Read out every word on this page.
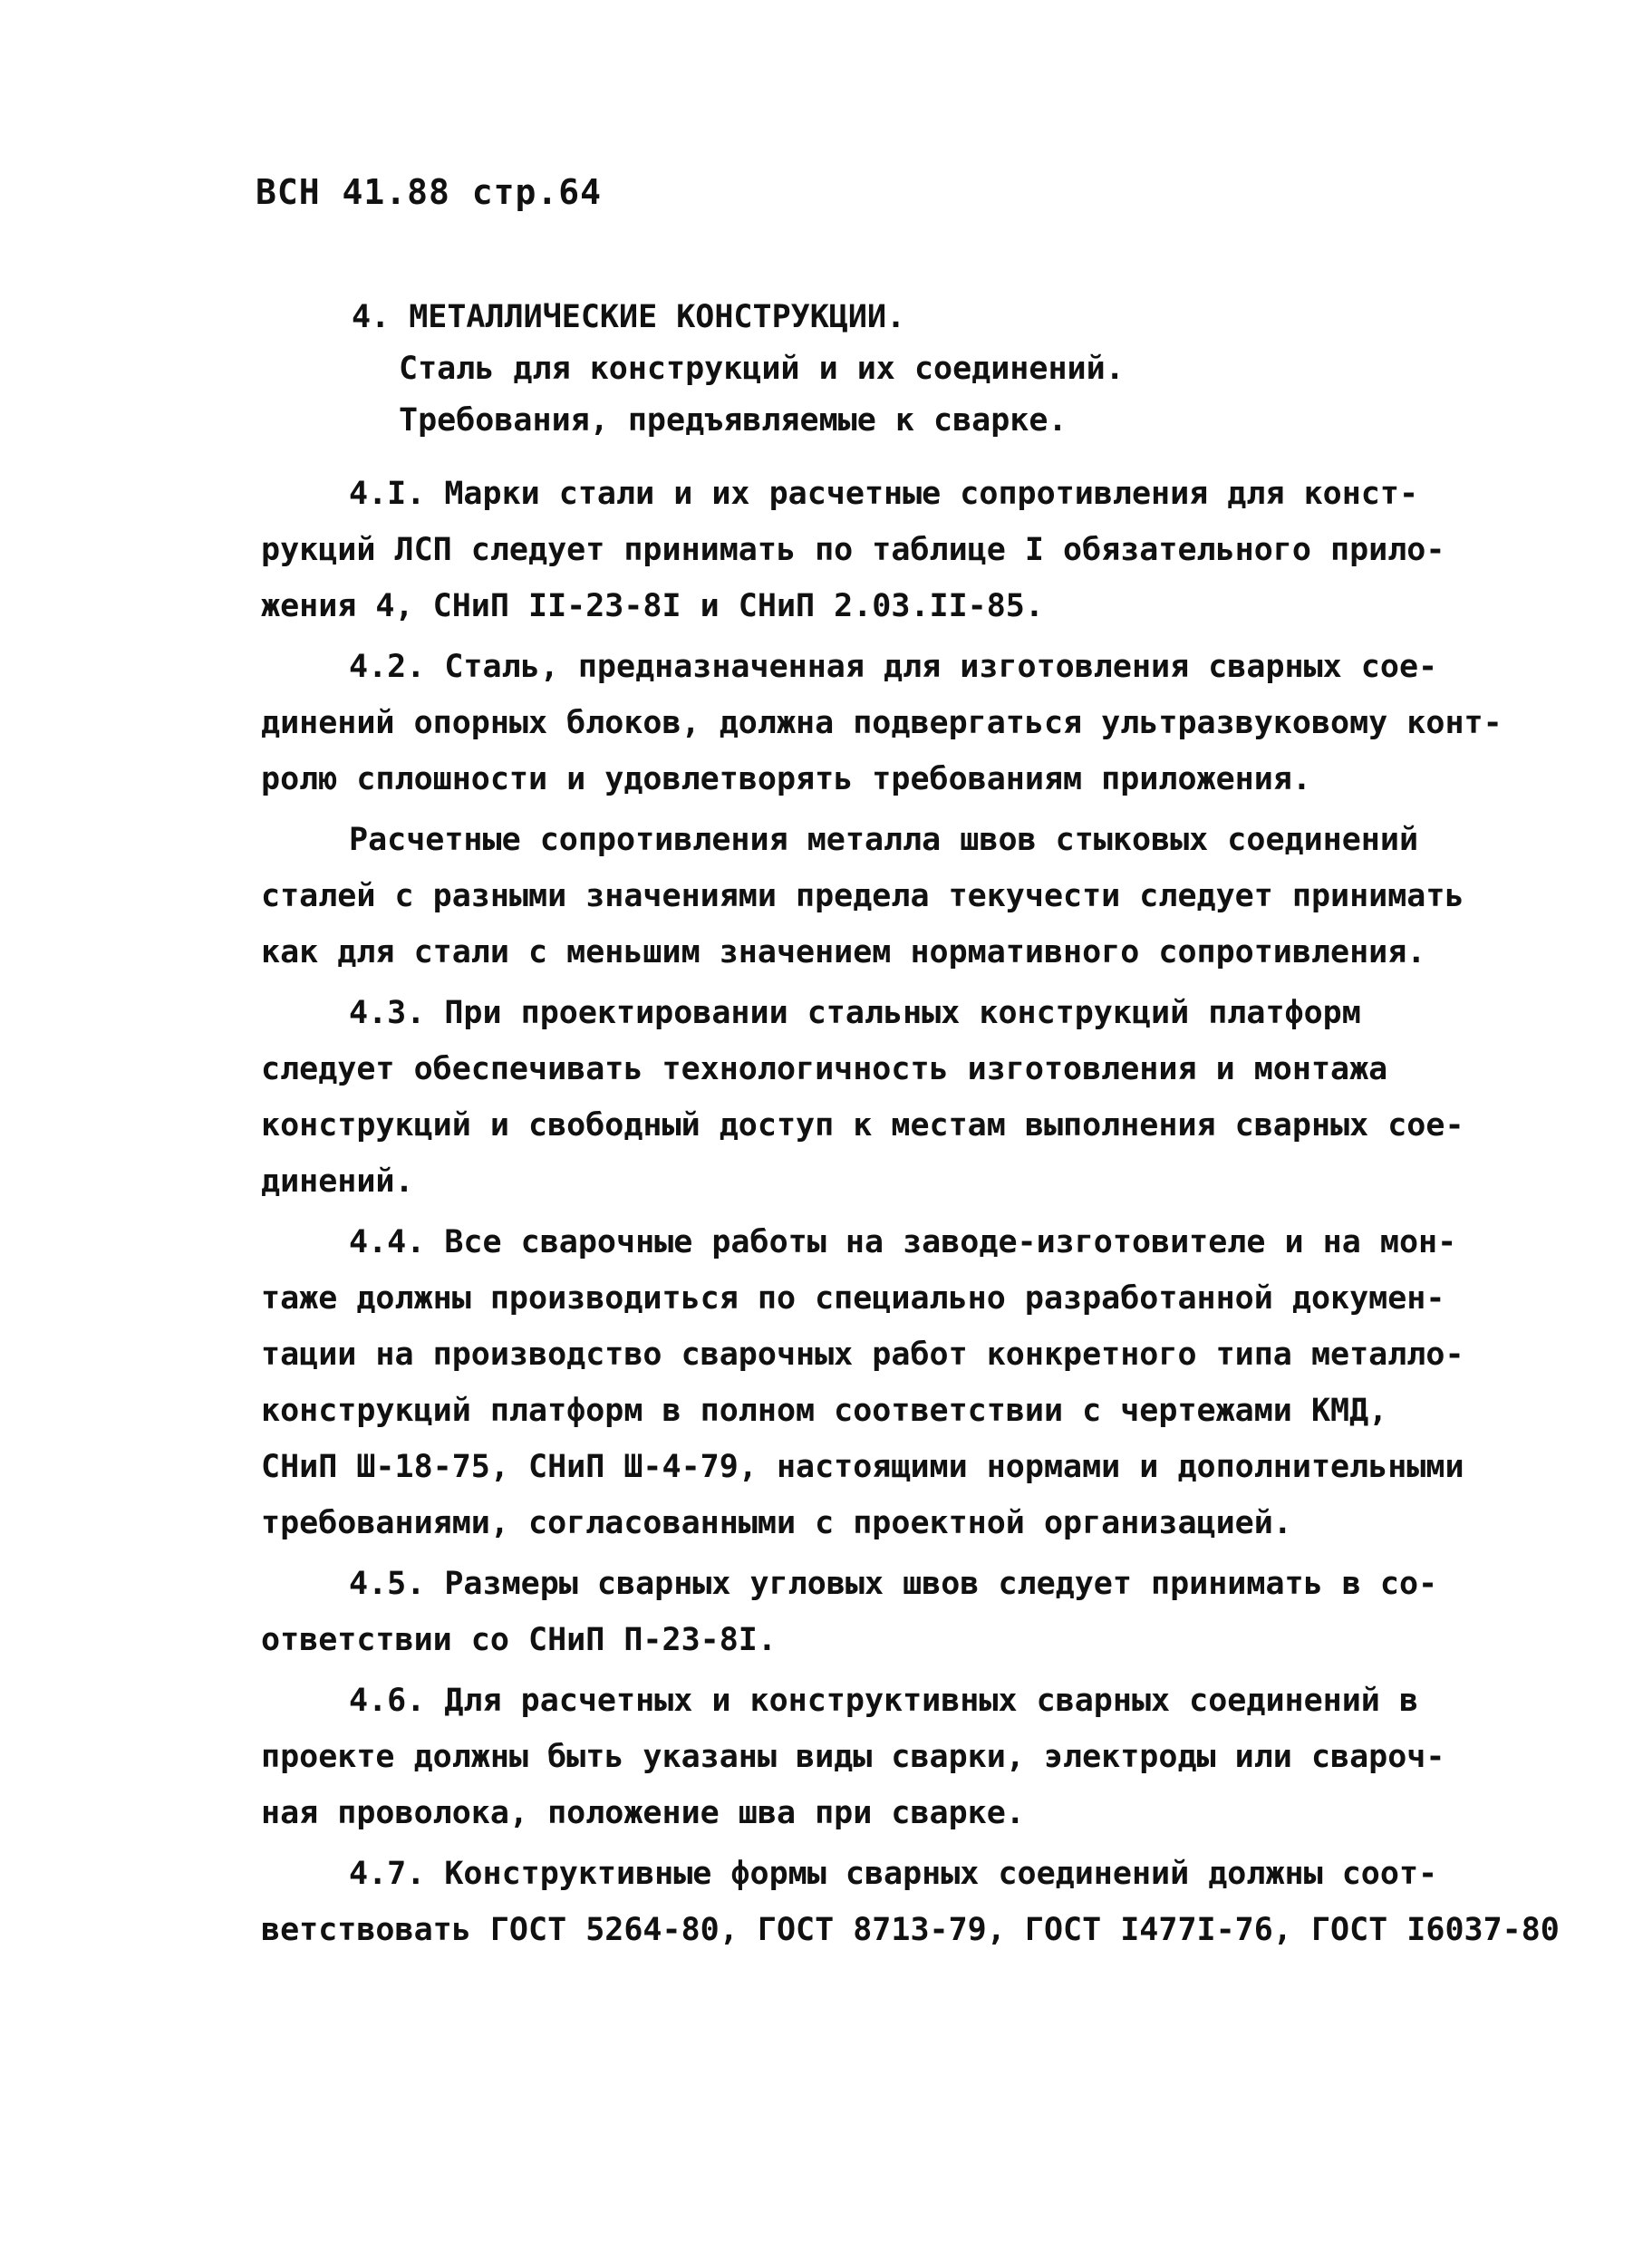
ВСН 41.88 стр.64
4. МЕТАЛЛИЧЕСКИЕ КОНСТРУКЦИИ.
Сталь для конструкций и их соединений.
Требования, предъявляемые к сварке.
4.I. Марки стали и их расчетные сопротивления для конст-
рукций ЛСП следует принимать по таблице I обязательного прило-
жения 4, СНиП II-23-8I и СНиП 2.03.II-85.
4.2. Сталь, предназначенная для изготовления сварных сое-
динений опорных блоков, должна подвергаться ультразвуковому конт-
ролю сплошности и удовлетворять требованиям приложения.
Расчетные сопротивления металла швов стыковых соединений
сталей с разными значениями предела текучести следует принимать
как для стали с меньшим значением нормативного сопротивления.
4.3. При проектировании стальных конструкций платформ
следует обеспечивать технологичность изготовления и монтажа
конструкций и свободный доступ к местам выполнения сварных сое-
динений.
4.4. Все сварочные работы на заводе-изготовителе и на мон-
таже должны производиться по специально разработанной докумен-
тации на производство сварочных работ конкретного типа металло-
конструкций платформ в полном соответствии с чертежами КМД,
СНиП Ш-18-75, СНиП Ш-4-79, настоящими нормами и дополнительными
требованиями, согласованными с проектной организацией.
4.5. Размеры сварных угловых швов следует принимать в со-
ответствии со СНиП П-23-8I.
4.6. Для расчетных и конструктивных сварных соединений в
проекте должны быть указаны виды сварки, электроды или свароч-
ная проволока, положение шва при сварке.
4.7. Конструктивные формы сварных соединений должны соот-
ветствовать ГОСТ 5264-80, ГОСТ 8713-79, ГОСТ I477I-76, ГОСТ I6037-80
